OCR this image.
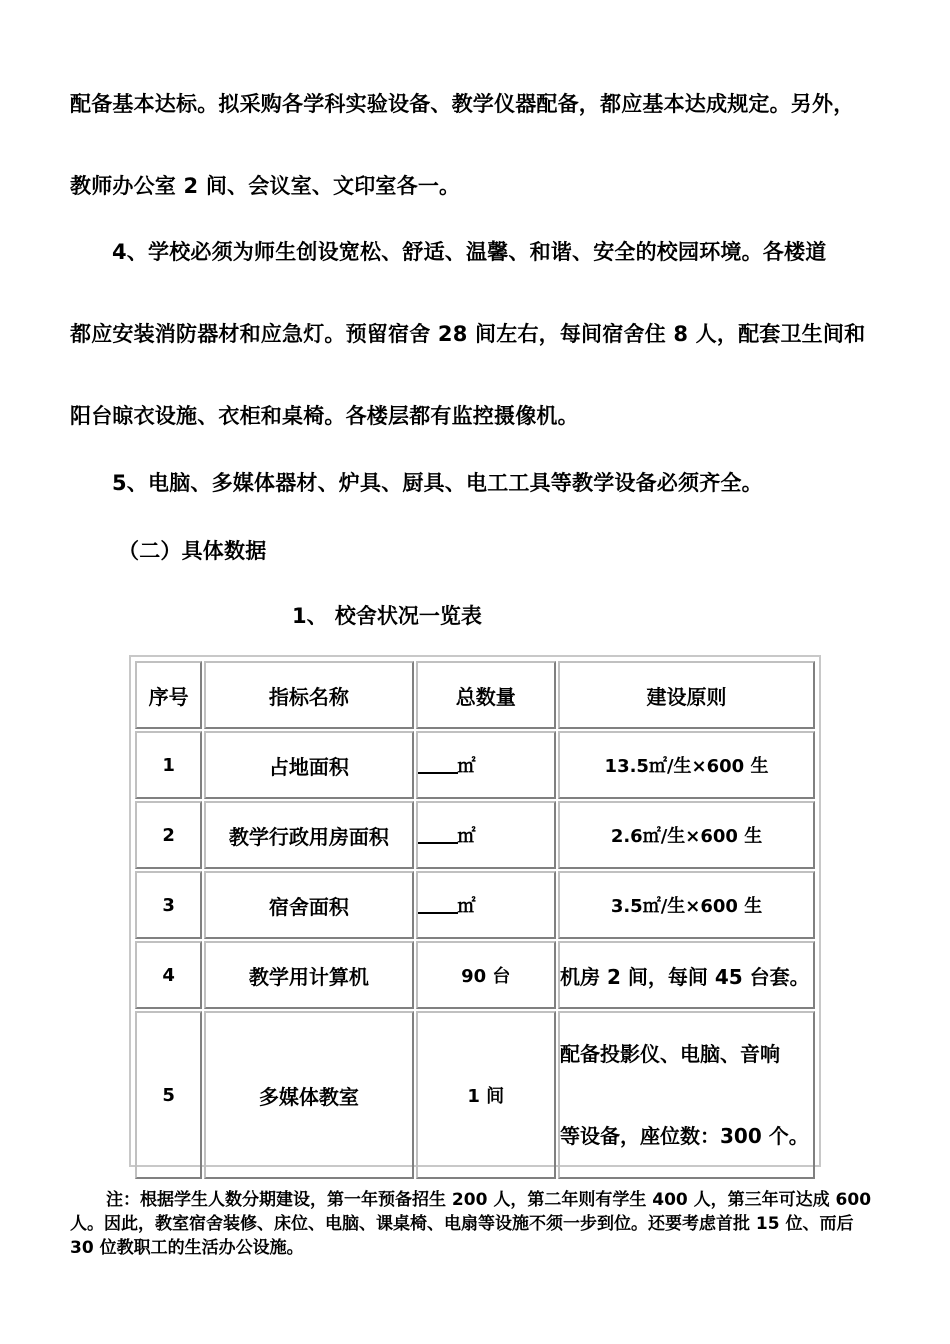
配备基本达标。拟采购各学科实验设备、教学仪器配备，都应基本达成规定。另外，
教师办公室 2 间、会议室、文印室各一。
4、学校必须为师生创设宽松、舒适、温馨、和谐、安全的校园环境。各楼道
都应安装消防器材和应急灯。预留宿舍 28 间左右，每间宿舍住 8 人，配套卫生间和
阳台晾衣设施、衣柜和桌椅。各楼层都有监控摄像机。
5、电脑、多媒体器材、炉具、厨具、电工工具等教学设备必须齐全。
（二）具体数据
1、 校舍状况一览表
序号	指标名称	总数量	建设原则
1	占地面积	㎡	13.5㎡/生×600 生
2	教学行政用房面积	㎡	2.6㎡/生×600 生
3	宿舍面积	㎡	3.5㎡/生×600 生
4	教学用计算机	90 台	机房 2 间，每间 45 台套。
5	多媒体教室	1 间	配备投影仪、电脑、音响
等设备，座位数：300 个。
注：根据学生人数分期建设，第一年预备招生 200 人，第二年则有学生 400 人，第三年可达成 600 人。因此，教室宿舍装修、床位、电脑、课桌椅、电扇等设施不须一步到位。还要考虑首批 15 位、而后 30 位教职工的生活办公设施。
